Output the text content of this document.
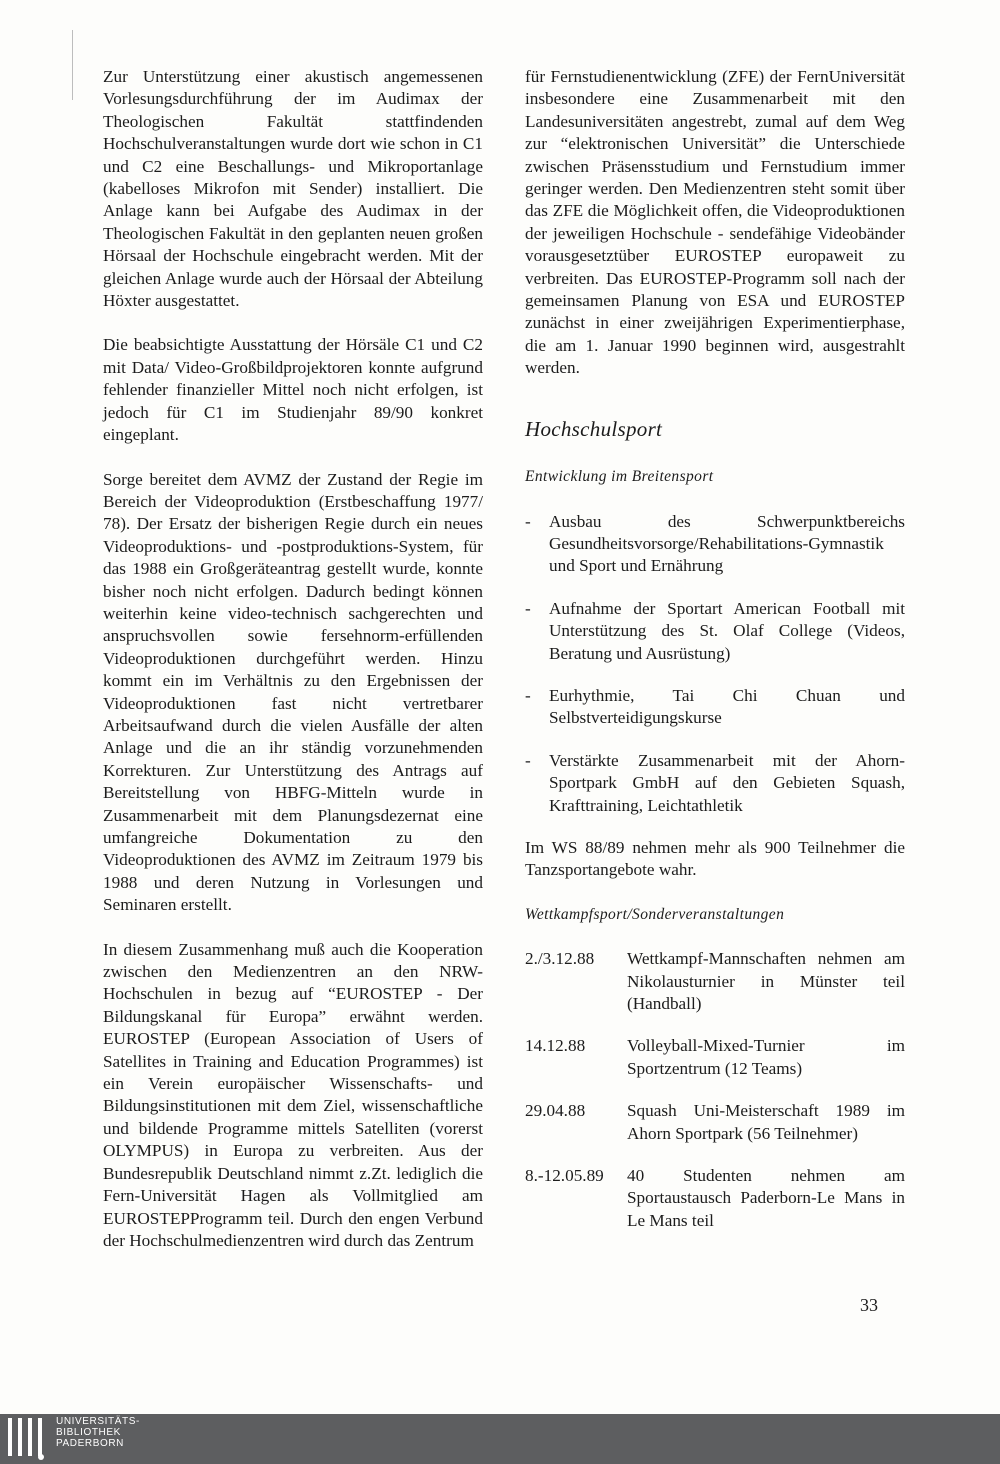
Zur Unterstützung einer akustisch angemessenen Vorlesungsdurchführung der im Audimax der Theologischen Fakultät stattfindenden Hochschulveranstaltungen wurde dort wie schon in C1 und C2 eine Beschallungs- und Mikroportanlage (kabelloses Mikrofon mit Sender) installiert. Die Anlage kann bei Aufgabe des Audimax in der Theologischen Fakultät in den geplanten neuen großen Hörsaal der Hochschule eingebracht werden. Mit der gleichen Anlage wurde auch der Hörsaal der Abteilung Höxter ausgestattet.

Die beabsichtigte Ausstattung der Hörsäle C1 und C2 mit Data/ Video-Großbildprojektoren konnte aufgrund fehlender finanzieller Mittel noch nicht erfolgen, ist jedoch für C1 im Studienjahr 89/90 konkret eingeplant.

Sorge bereitet dem AVMZ der Zustand der Regie im Bereich der Videoproduktion (Erstbeschaffung 1977/ 78). Der Ersatz der bisherigen Regie durch ein neues Videoproduktions- und -postproduktions-System, für das 1988 ein Großgeräteantrag gestellt wurde, konnte bisher noch nicht erfolgen. Dadurch bedingt können weiterhin keine video-technisch sachgerechten und anspruchsvollen sowie fersehnorm-erfüllenden Videoproduktionen durchgeführt werden. Hinzu kommt ein im Verhältnis zu den Ergebnissen der Videoproduktionen fast nicht vertretbarer Arbeitsaufwand durch die vielen Ausfälle der alten Anlage und die an ihr ständig vorzunehmenden Korrekturen. Zur Unterstützung des Antrags auf Bereitstellung von HBFG-Mitteln wurde in Zusammenarbeit mit dem Planungsdezernat eine umfangreiche Dokumentation zu den Videoproduktionen des AVMZ im Zeitraum 1979 bis 1988 und deren Nutzung in Vorlesungen und Seminaren erstellt.

In diesem Zusammenhang muß auch die Kooperation zwischen den Medienzentren an den NRW-Hochschulen in bezug auf “EUROSTEP - Der Bildungskanal für Europa” erwähnt werden. EUROSTEP (European Association of Users of Satellites in Training and Education Programmes) ist ein Verein europäischer Wissenschafts- und Bildungsinstitutionen mit dem Ziel, wissenschaftliche und bildende Programme mittels Satelliten (vorerst OLYMPUS) in Europa zu verbreiten. Aus der Bundesrepublik Deutschland nimmt z.Zt. lediglich die Fern-Universität Hagen als Vollmitglied am EUROSTEPProgramm teil. Durch den engen Verbund der Hochschulmedienzentren wird durch das Zentrum

für Fernstudienentwicklung (ZFE) der FernUniversität insbesondere eine Zusammenarbeit mit den Landesuniversitäten angestrebt, zumal auf dem Weg zur “elektronischen Universität” die Unterschiede zwischen Präsensstudium und Fernstudium immer geringer werden. Den Medienzentren steht somit über das ZFE die Möglichkeit offen, die Videoproduktionen der jeweiligen Hochschule - sendefähige Videobänder vorausgesetztüber EUROSTEP europaweit zu verbreiten. Das EUROSTEP-Programm soll nach der gemeinsamen Planung von ESA und EUROSTEP zunächst in einer zweijährigen Experimentierphase, die am 1. Januar 1990 beginnen wird, ausgestrahlt werden.

Hochschulsport
Entwicklung im Breitensport
- Ausbau des Schwerpunktbereichs Gesundheitsvorsorge/Rehabilitations-Gymnastik und Sport und Ernährung
- Aufnahme der Sportart American Football mit Unterstützung des St. Olaf College (Videos, Beratung und Ausrüstung)
- Eurhythmie, Tai Chi Chuan und Selbstverteidigungskurse
- Verstärkte Zusammenarbeit mit der Ahorn-Sportpark GmbH auf den Gebieten Squash, Krafttraining, Leichtathletik

Im WS 88/89 nehmen mehr als 900 Teilnehmer die Tanzsportangebote wahr.

Wettkampfsport/Sonderveranstaltungen
2./3.12.88	Wettkampf-Mannschaften nehmen am Nikolausturnier in Münster teil (Handball)
14.12.88	Volleyball-Mixed-Turnier im Sportzentrum (12 Teams)
29.04.88	Squash Uni-Meisterschaft 1989 im Ahorn Sportpark (56 Teilnehmer)
8.-12.05.89	40 Studenten nehmen am Sportaustausch Paderborn-Le Mans in Le Mans teil
33
UNIVERSITÄTS-
BIBLIOTHEK
PADERBORN
